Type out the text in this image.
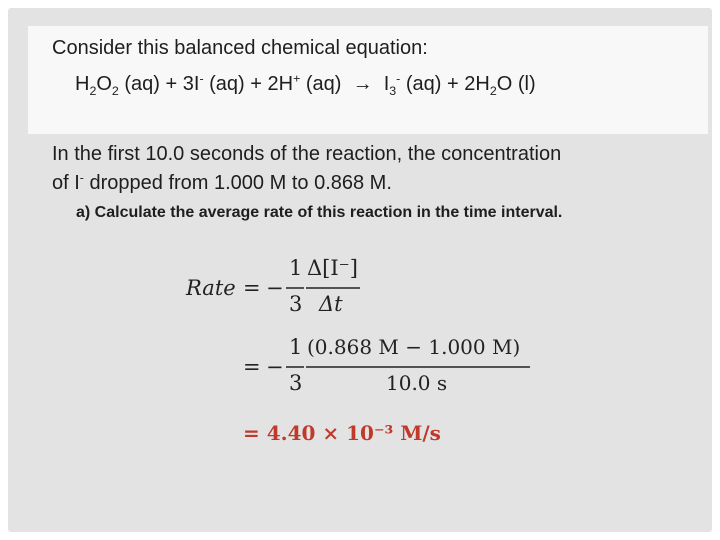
Consider this balanced chemical equation:
$H_2O_2$ (aq) + 3I- (aq) + 2H+ $(aq) \to I_3^-$ $(aq) + 2H_2O$ (l)
In the first 10.0 seconds of the reaction, the concentration
of I- dropped from 1.000 M to 0.868 M.
a) Calculate the average rate of this reaction in the time interval.
Rate = −
1
3
Δ[I⁻]
Δt
= −
1
3
(0.868 M − 1.000 M)
10.0 s
= 4.40 × 10⁻³ M/s
